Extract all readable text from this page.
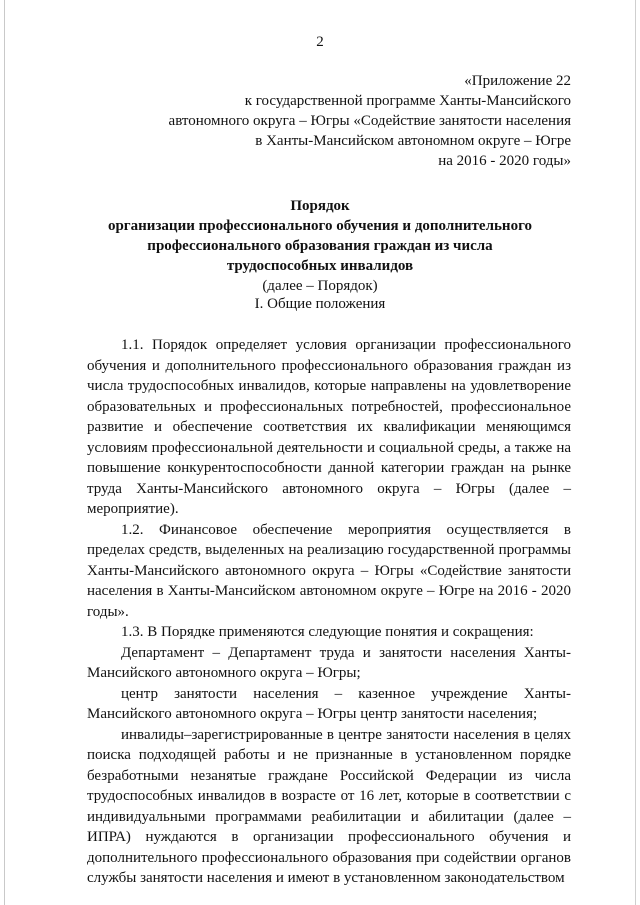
2
«Приложение 22
к государственной программе Ханты-Мансийского
автономного округа – Югры «Содействие занятости населения
в Ханты-Мансийском автономном округе – Югре
на 2016 - 2020 годы»
Порядок
организации профессионального обучения и дополнительного
профессионального образования граждан из числа
трудоспособных инвалидов
(далее – Порядок)
I. Общие положения

1.1. Порядок определяет условия организации профессионального обучения и дополнительного профессионального образования граждан из числа трудоспособных инвалидов, которые направлены на удовлетворение образовательных и профессиональных потребностей, профессиональное развитие и обеспечение соответствия их квалификации меняющимся условиям профессиональной деятельности и социальной среды, а также на повышение конкурентоспособности данной категории граждан на рынке труда Ханты-Мансийского автономного округа – Югры (далее – мероприятие).

1.2. Финансовое обеспечение мероприятия осуществляется в пределах средств, выделенных на реализацию государственной программы Ханты-Мансийского автономного округа – Югры «Содействие занятости населения в Ханты-Мансийском автономном округе – Югре на 2016 - 2020 годы».

1.3. В Порядке применяются следующие понятия и сокращения:

Департамент – Департамент труда и занятости населения Ханты-Мансийского автономного округа – Югры;

центр занятости населения – казенное учреждение Ханты-Мансийского автономного округа – Югры центр занятости населения;

инвалиды–зарегистрированные в центре занятости населения в целях поиска подходящей работы и не признанные в установленном порядке безработными незанятые граждане Российской Федерации из числа трудоспособных инвалидов в возрасте от 16 лет, которые в соответствии с индивидуальными программами реабилитации и абилитации (далее – ИПРА) нуждаются в организации профессионального обучения и дополнительного профессионального образования при содействии органов службы занятости населения и имеют в установленном законодательством
